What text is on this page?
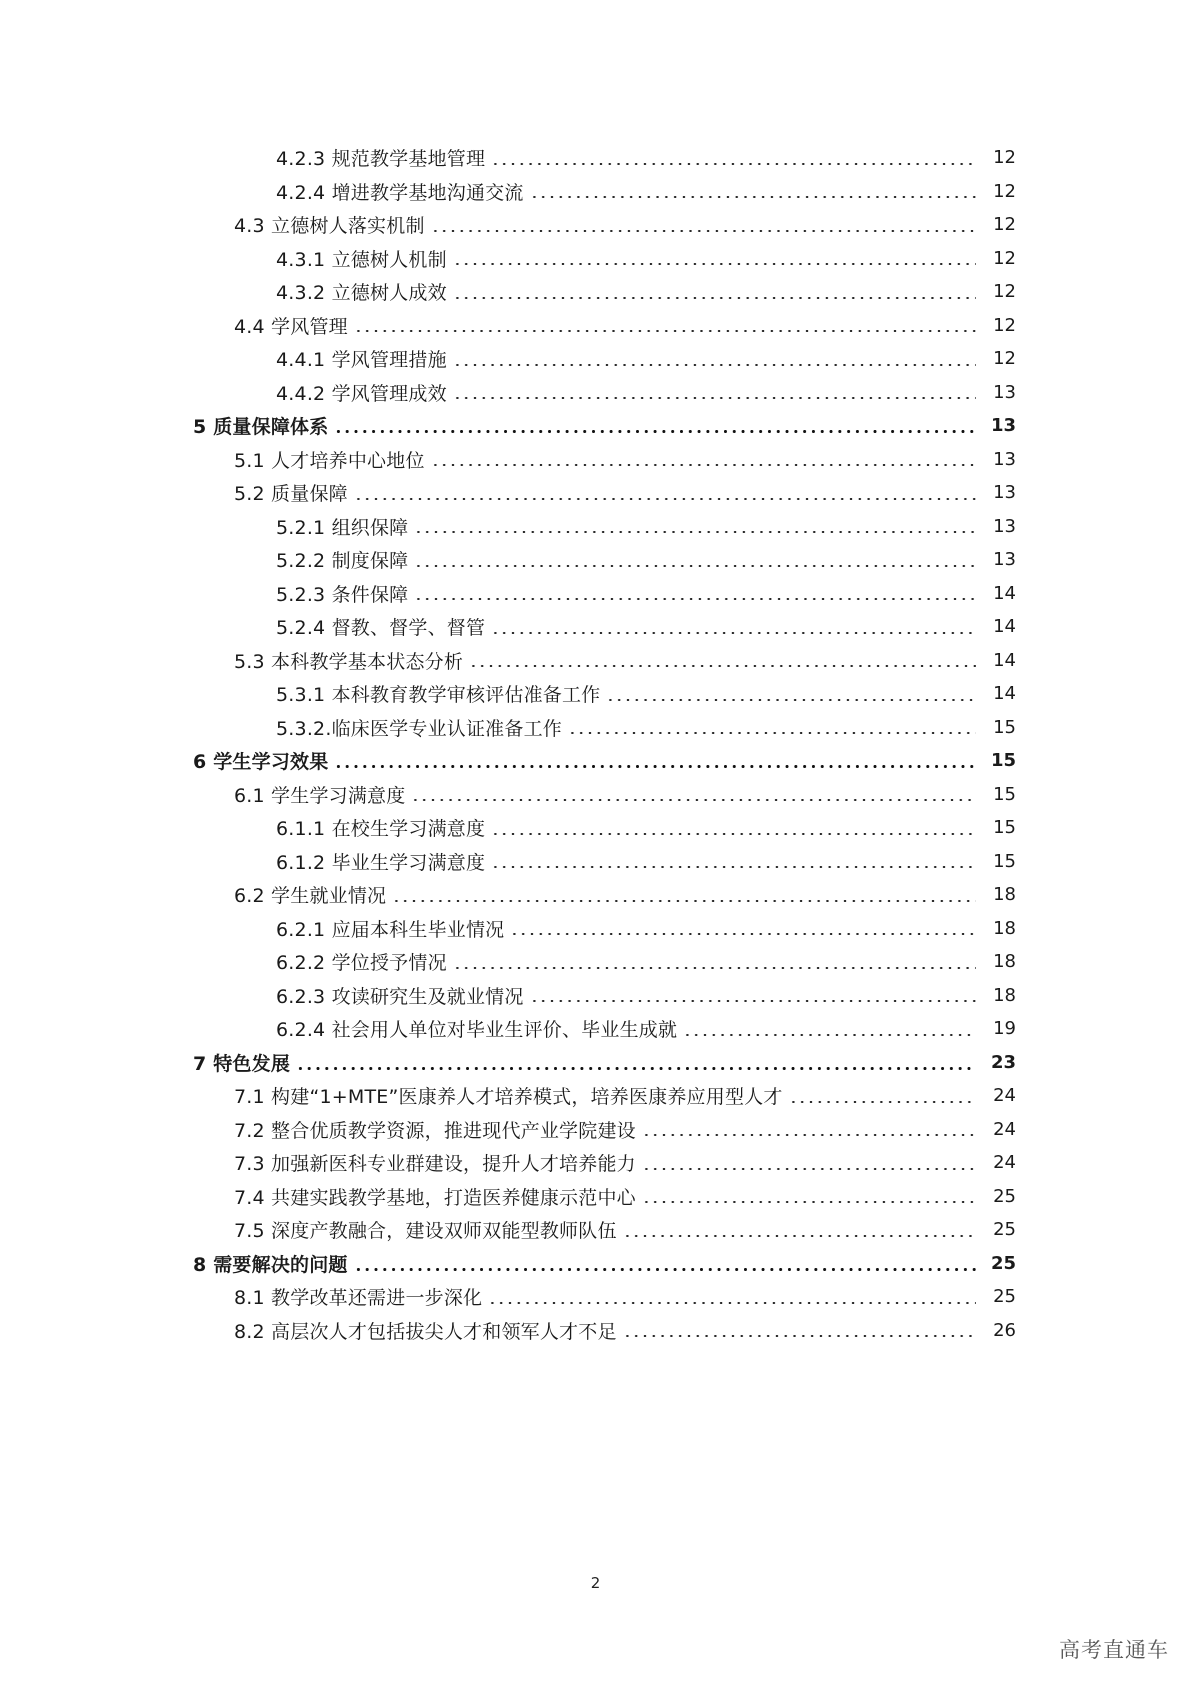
4.2.3 规范教学基地管理	12
4.2.4 增进教学基地沟通交流	12
4.3 立德树人落实机制	12
4.3.1 立德树人机制	12
4.3.2 立德树人成效	12
4.4 学风管理	12
4.4.1 学风管理措施	12
4.4.2 学风管理成效	13
5 质量保障体系	13
5.1 人才培养中心地位	13
5.2 质量保障	13
5.2.1 组织保障	13
5.2.2 制度保障	13
5.2.3 条件保障	14
5.2.4 督教、督学、督管	14
5.3 本科教学基本状态分析	14
5.3.1 本科教育教学审核评估准备工作	14
5.3.2.临床医学专业认证准备工作	15
6 学生学习效果	15
6.1 学生学习满意度	15
6.1.1 在校生学习满意度	15
6.1.2 毕业生学习满意度	15
6.2 学生就业情况	18
6.2.1 应届本科生毕业情况	18
6.2.2 学位授予情况	18
6.2.3 攻读研究生及就业情况	18
6.2.4 社会用人单位对毕业生评价、毕业生成就	19
7 特色发展	23
7.1 构建“1+MTE”医康养人才培养模式，培养医康养应用型人才	24
7.2 整合优质教学资源，推进现代产业学院建设	24
7.3 加强新医科专业群建设，提升人才培养能力	24
7.4 共建实践教学基地，打造医养健康示范中心	25
7.5 深度产教融合，建设双师双能型教师队伍	25
8 需要解决的问题	25
8.1 教学改革还需进一步深化	25
8.2 高层次人才包括拔尖人才和领军人才不足	26
2
高考直通车
